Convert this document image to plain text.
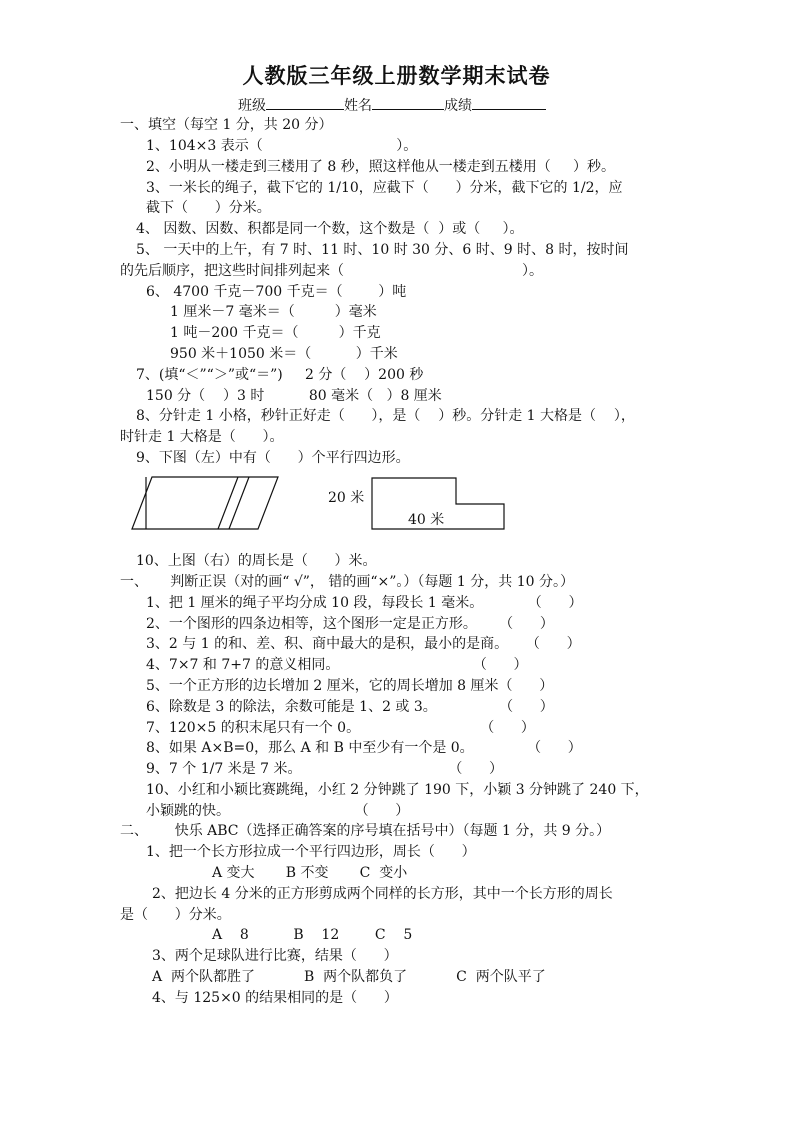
人教版三年级上册数学期末试卷
班级	姓名	成绩
一、填空（每空 1 分，共 20 分）
1、104×3 表示（                              ）。
2、小明从一楼走到三楼用了 8 秒，照这样他从一楼走到五楼用（     ）秒。
3、一米长的绳子，截下它的 1/10，应截下（      ）分米，截下它的 1/2，应
截下（      ）分米。
4、 因数、因数、积都是同一个数，这个数是（  ）或（     ）。
5、 一天中的上午，有 7 时、11 时、10 时 30 分、6 时、9 时、8 时，按时间
的先后顺序，把这些时间排列起来（                                        ）。
6、 4700 千克－700 千克＝（        ）吨
1 厘米－7 毫米＝（         ）毫米
1 吨－200 千克＝（         ）千克
950 米＋1050 米＝（          ）千米
7、(填“＜”“＞”或“＝”)     2 分（    ）200 秒
150 分（    ）3 时          80 毫米（   ）8 厘米
8、分针走 1 小格，秒针正好走（      ），是（    ）秒。分针走 1 大格是（    ），
时针走 1 大格是（      ）。
9、下图（左）中有（      ）个平行四边形。
20 米
40 米
10、上图（右）的周长是（      ）米。
一、     判断正误（对的画“ √”， 错的画“×”。）（每题 1 分，共 10 分。）
1、把 1 厘米的绳子平均分成 10 段，每段长 1 毫米。          （      ）
2、一个图形的四条边相等，这个图形一定是正方形。     （      ）
3、2 与 1 的和、差、积、商中最大的是积，最小的是商。    （      ）
4、7×7 和 7+7 的意义相同。                              （      ）
5、一个正方形的边长增加 2 厘米，它的周长增加 8 厘米（      ）
6、除数是 3 的除法，余数可能是 1、2 或 3。              （      ）
7、120×5 的积末尾只有一个 0。                           （      ）
8、如果 A×B=0，那么 A 和 B 中至少有一个是 0。            （      ）
9、7 个 1/7 米是 7 米。                                 （      ）
10、小红和小颖比赛跳绳，小红 2 分钟跳了 190 下，小颖 3 分钟跳了 240 下，
小颖跳的快。                            （      ）
二、      快乐 ABC（选择正确答案的序号填在括号中）（每题 1 分，共 9 分。）
1、把一个长方形拉成一个平行四边形，周长（      ）
A 变大       B 不变       C  变小
2、把边长 4 分米的正方形剪成两个同样的长方形，其中一个长方形的周长
是（      ）分米。
A    8          B    12        C    5
3、两个足球队进行比赛，结果（      ）
A  两个队都胜了           B  两个队都负了           C  两个队平了
4、与 125×0 的结果相同的是（      ）
